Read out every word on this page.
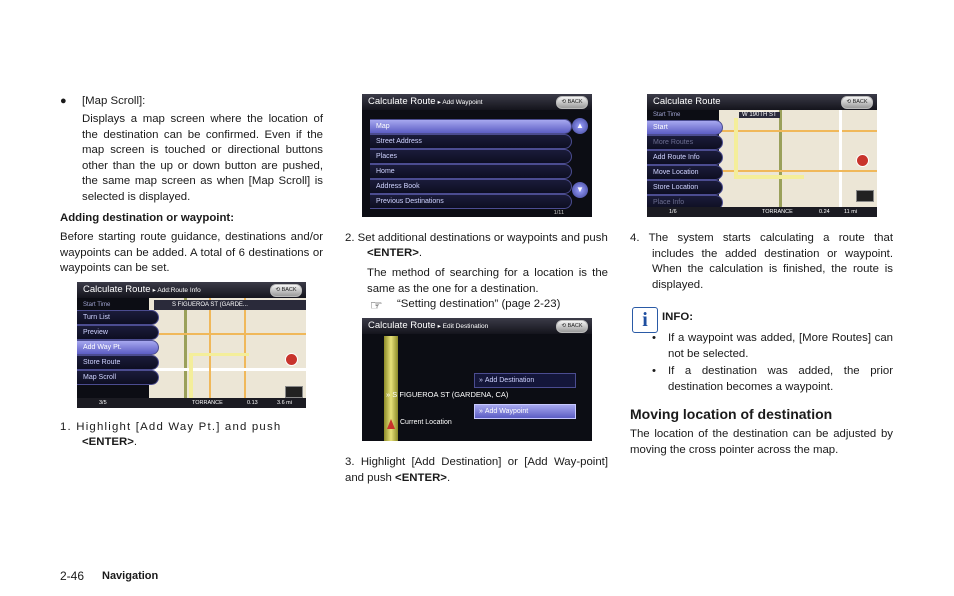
● [Map Scroll]:

Displays a map screen where the location of the destination can be confirmed. Even if the map screen is touched or directional buttons other than the up or down button are pushed, the same map screen as when [Map Scroll] is selected is displayed.

Adding destination or waypoint:

Before starting route guidance, destinations and/or waypoints can be added. A total of 6 destinations or waypoints can be set.

S FIGUEROA ST (GARDE...
Calculate Route ▸ Add:Route Info	⟲ BACK
Start Time
Turn List
Preview
Add Way Pt.
Store Route
Map Scroll
3/5	TORRANCE	0.13	3.6 mi
1. Highlight [Add Way Pt.] and push
<ENTER>.
Calculate Route ▸ Add Waypoint	⟲ BACK
Map
Street Address
Places
Home
Address Book
Previous Destinations
▲
▼
1/11
2. Set additional destinations or waypoints and push
<ENTER>.

The method of searching for a location is the same as the one for a destination.

☞ “Setting destination” (page 2-23)
Calculate Route ▸ Edit Destination	⟲ BACK
» Add Destination
» S FIGUEROA ST (GARDENA, CA)
» Add Waypoint
Current Location
3. Highlight [Add Destination] or [Add Way-point] and push <ENTER>.
W 190TH ST
Calculate Route	⟲ BACK
Start Time
Start
More Routes
Add Route Info
Move Location
Store Location
Place Info
1/6	TORRANCE	0.24	11 mi

4. The system starts calculating a route that includes the added destination or waypoint. When the calculation is finished, the route is displayed.

i	INFO:
• If a waypoint was added, [More Routes] can not be selected.

• If a destination was added, the prior destination becomes a waypoint.

Moving location of destination

The location of the destination can be adjusted by moving the cross pointer across the map.

2-46 Navigation
